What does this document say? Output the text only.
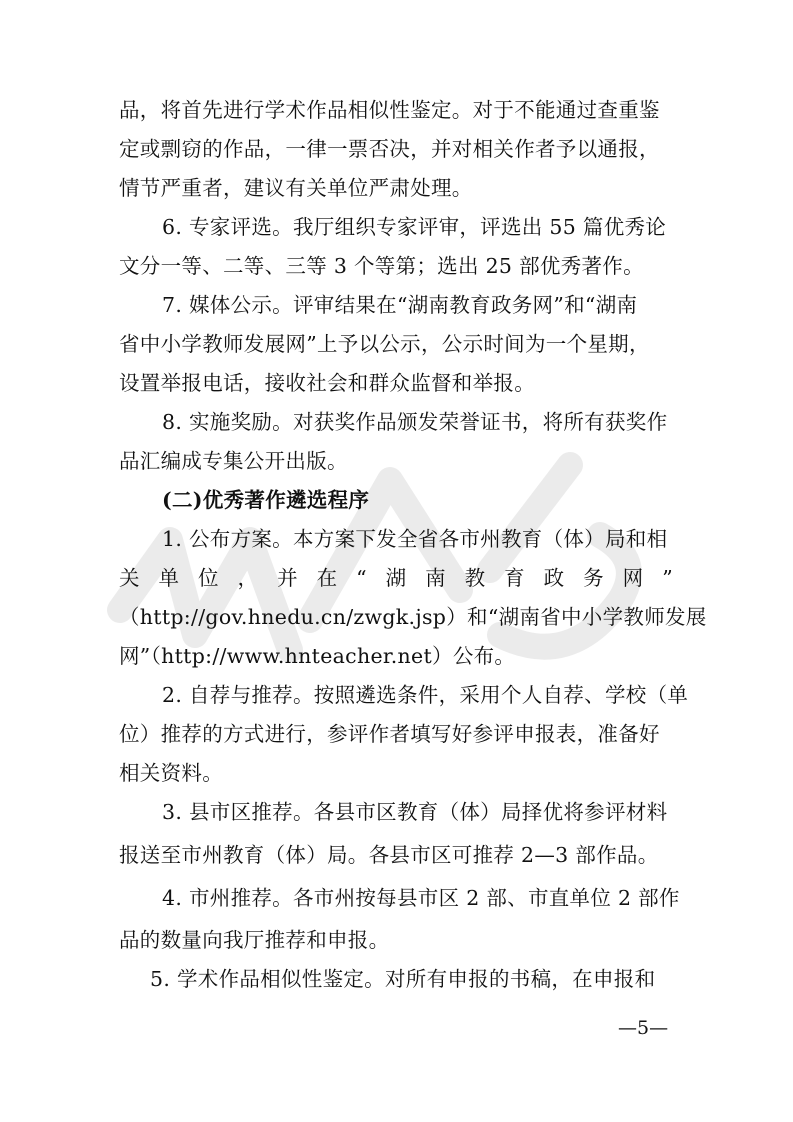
品，将首先进行学术作品相似性鉴定。对于不能通过查重鉴
定或剽窃的作品，一律一票否决，并对相关作者予以通报，
情节严重者，建议有关单位严肃处理。
6. 专家评选。我厅组织专家评审，评选出 55 篇优秀论
文分一等、二等、三等 3 个等第；选出 25 部优秀著作。
7. 媒体公示。评审结果在“湖南教育政务网”和“湖南
省中小学教师发展网”上予以公示，公示时间为一个星期，
设置举报电话，接收社会和群众监督和举报。
8. 实施奖励。对获奖作品颁发荣誉证书，将所有获奖作
品汇编成专集公开出版。
(二)优秀著作遴选程序
1. 公布方案。本方案下发全省各市州教育（体）局和相
关 单 位 ， 并 在 “ 湖 南 教 育 政 务 网 ”
（http://gov.hnedu.cn/zwgk.jsp）和“湖南省中小学教师发展
网”（http://www.hnteacher.net）公布。
2. 自荐与推荐。按照遴选条件，采用个人自荐、学校（单
位）推荐的方式进行，参评作者填写好参评申报表，准备好
相关资料。
3. 县市区推荐。各县市区教育（体）局择优将参评材料
报送至市州教育（体）局。各县市区可推荐 2—3 部作品。
4. 市州推荐。各市州按每县市区 2 部、市直单位 2 部作
品的数量向我厅推荐和申报。
5. 学术作品相似性鉴定。对所有申报的书稿，在申报和
—5—
